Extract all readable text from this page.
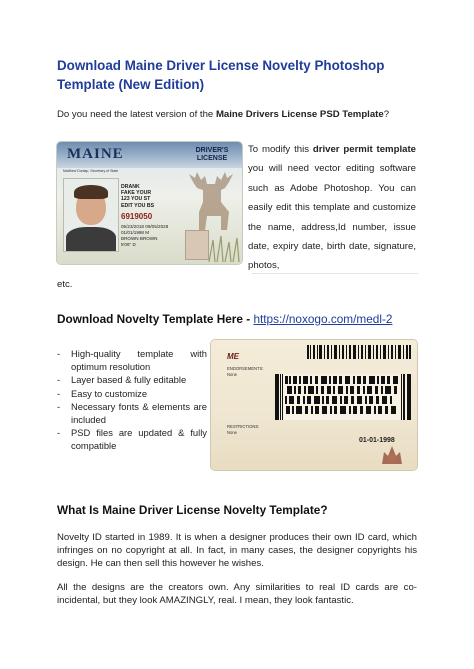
Download Maine Driver License Novelty Photoshop Template (New Edition)
Do you need the latest version of the Maine Drivers License PSD Template?
MAINE	DRIVER'S LICENSE
Matthew Dunlap, Secretary of State
DRANK
FAKE YOUR
123 YOU ST
EDIT YOU BS
6919050
05/23/2018 09/05/2028
01/01/1998 M
BROWN BROWN
5'06" D
To modify this driver permit template you will need vector editing software such as Adobe Photoshop. You can easily edit this template and customize the name, address,Id number, issue date, expiry date, birth date, signature, photos,
etc.
Download Novelty Template Here - https://noxogo.com/medl-2
- High-quality template with optimum resolution
- Layer based & fully editable
- Easy to customize
- Necessary fonts & elements are included
- PSD files are updated & fully compatible
ME
ENDORSEMENTS:
None
RESTRICTIONS:
None
01-01-1998
What Is Maine Driver License Novelty Template?
Novelty ID started in 1989. It is when a designer produces their own ID card, which infringes on no copyright at all. In fact, in many cases, the designer copyrights his design. He can then sell this however he wishes.
All the designs are the creators own. Any similarities to real ID cards are co-incidental, but they look AMAZINGLY, real. I mean, they look fantastic.
